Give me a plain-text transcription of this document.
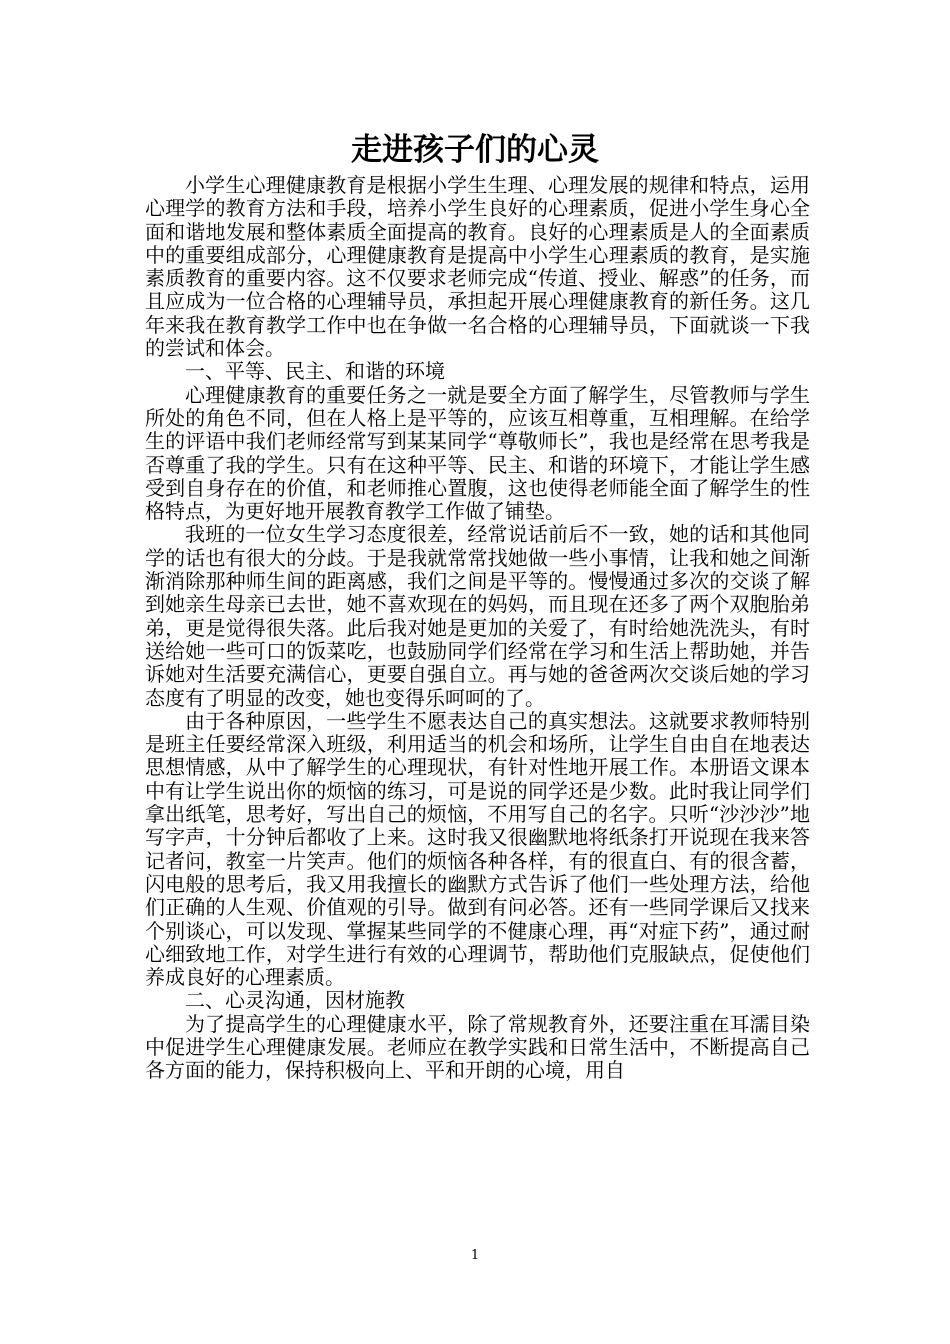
走进孩子们的心灵

小学生心理健康教育是根据小学生生理、心理发展的规律和特点，运用心理学的教育方法和手段，培养小学生良好的心理素质，促进小学生身心全面和谐地发展和整体素质全面提高的教育。良好的心理素质是人的全面素质中的重要组成部分，心理健康教育是提高中小学生心理素质的教育，是实施素质教育的重要内容。这不仅要求老师完成“传道、授业、解惑”的任务，而且应成为一位合格的心理辅导员，承担起开展心理健康教育的新任务。这几年来我在教育教学工作中也在争做一名合格的心理辅导员，下面就谈一下我的尝试和体会。

一、平等、民主、和谐的环境

心理健康教育的重要任务之一就是要全方面了解学生，尽管教师与学生所处的角色不同，但在人格上是平等的，应该互相尊重，互相理解。在给学生的评语中我们老师经常写到某某同学“尊敬师长”，我也是经常在思考我是否尊重了我的学生。只有在这种平等、民主、和谐的环境下，才能让学生感受到自身存在的价值，和老师推心置腹，这也使得老师能全面了解学生的性格特点，为更好地开展教育教学工作做了铺垫。

我班的一位女生学习态度很差，经常说话前后不一致，她的话和其他同学的话也有很大的分歧。于是我就常常找她做一些小事情，让我和她之间渐渐消除那种师生间的距离感，我们之间是平等的。慢慢通过多次的交谈了解到她亲生母亲已去世，她不喜欢现在的妈妈，而且现在还多了两个双胞胎弟弟，更是觉得很失落。此后我对她是更加的关爱了，有时给她洗洗头，有时送给她一些可口的饭菜吃，也鼓励同学们经常在学习和生活上帮助她，并告诉她对生活要充满信心，更要自强自立。再与她的爸爸两次交谈后她的学习态度有了明显的改变，她也变得乐呵呵的了。

由于各种原因，一些学生不愿表达自己的真实想法。这就要求教师特别是班主任要经常深入班级，利用适当的机会和场所，让学生自由自在地表达思想情感，从中了解学生的心理现状，有针对性地开展工作。本册语文课本中有让学生说出你的烦恼的练习，可是说的同学还是少数。此时我让同学们拿出纸笔，思考好，写出自己的烦恼，不用写自己的名字。只听“沙沙沙”地写字声，十分钟后都收了上来。这时我又很幽默地将纸条打开说现在我来答记者问，教室一片笑声。他们的烦恼各种各样，有的很直白、有的很含蓄，闪电般的思考后，我又用我擅长的幽默方式告诉了他们一些处理方法，给他们正确的人生观、价值观的引导。做到有问必答。还有一些同学课后又找来个别谈心，可以发现、掌握某些同学的不健康心理，再“对症下药”，通过耐心细致地工作，对学生进行有效的心理调节，帮助他们克服缺点，促使他们养成良好的心理素质。

二、心灵沟通，因材施教

为了提高学生的心理健康水平，除了常规教育外，还要注重在耳濡目染中促进学生心理健康发展。老师应在教学实践和日常生活中，不断提高自己各方面的能力，保持积极向上、平和开朗的心境，用自

1
